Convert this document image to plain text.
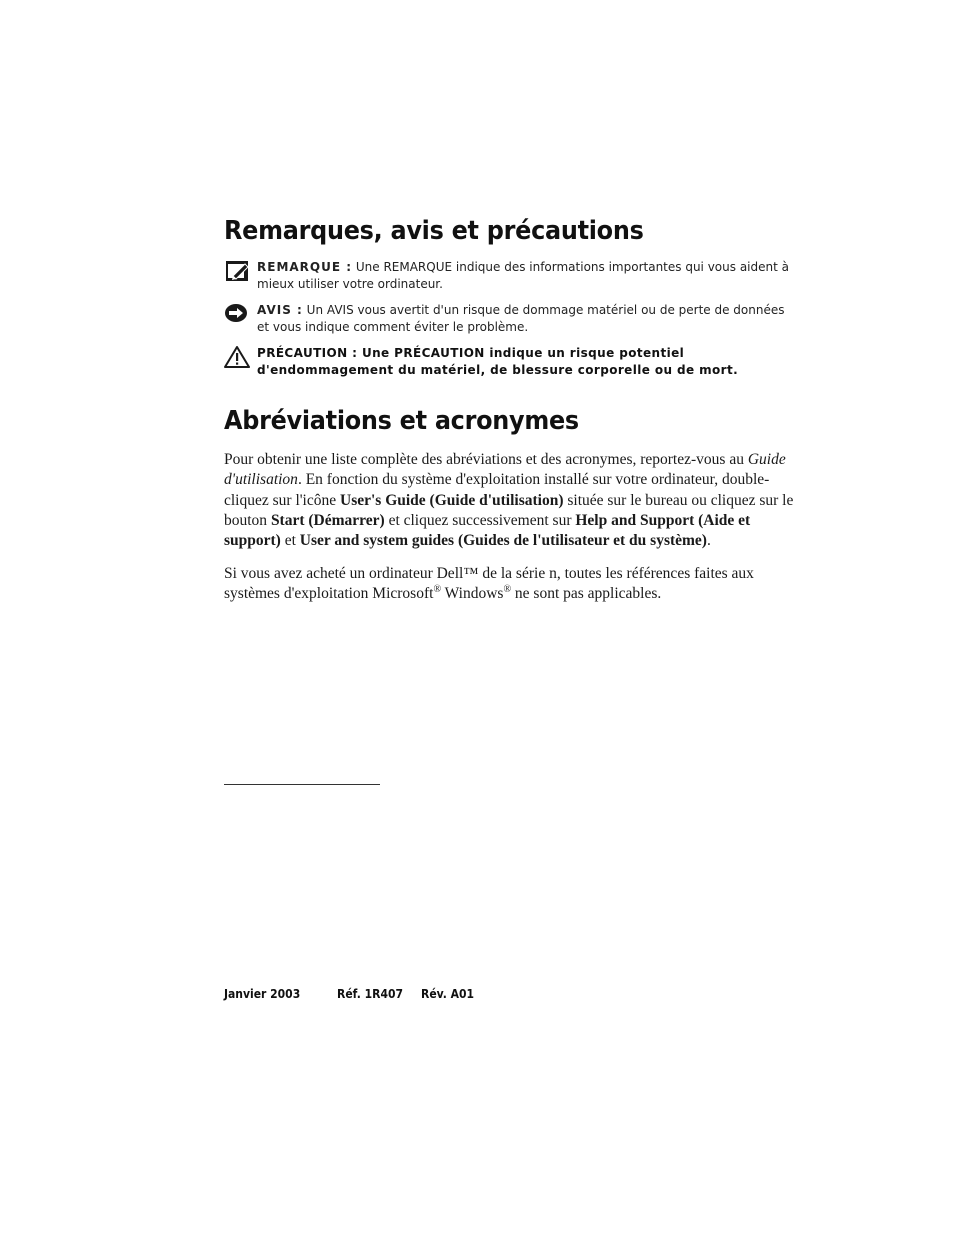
Remarques, avis et précautions
REMARQUE : Une REMARQUE indique des informations importantes qui vous aident à mieux utiliser votre ordinateur.
AVIS : Un AVIS vous avertit d'un risque de dommage matériel ou de perte de données et vous indique comment éviter le problème.
PRÉCAUTION : Une PRÉCAUTION indique un risque potentiel d'endommagement du matériel, de blessure corporelle ou de mort.
Abréviations et acronymes

Pour obtenir une liste complète des abréviations et des acronymes, reportez-vous au Guide d'utilisation. En fonction du système d'exploitation installé sur votre ordinateur, double-cliquez sur l'icône User's Guide (Guide d'utilisation) située sur le bureau ou cliquez sur le bouton Start (Démarrer) et cliquez successivement sur Help and Support (Aide et support) et User and system guides (Guides de l'utilisateur et du système).

Si vous avez acheté un ordinateur Dell™ de la série n, toutes les références faites aux systèmes d'exploitation Microsoft® Windows® ne sont pas applicables.

Janvier 2003	Réf. 1R407 Rév. A01
